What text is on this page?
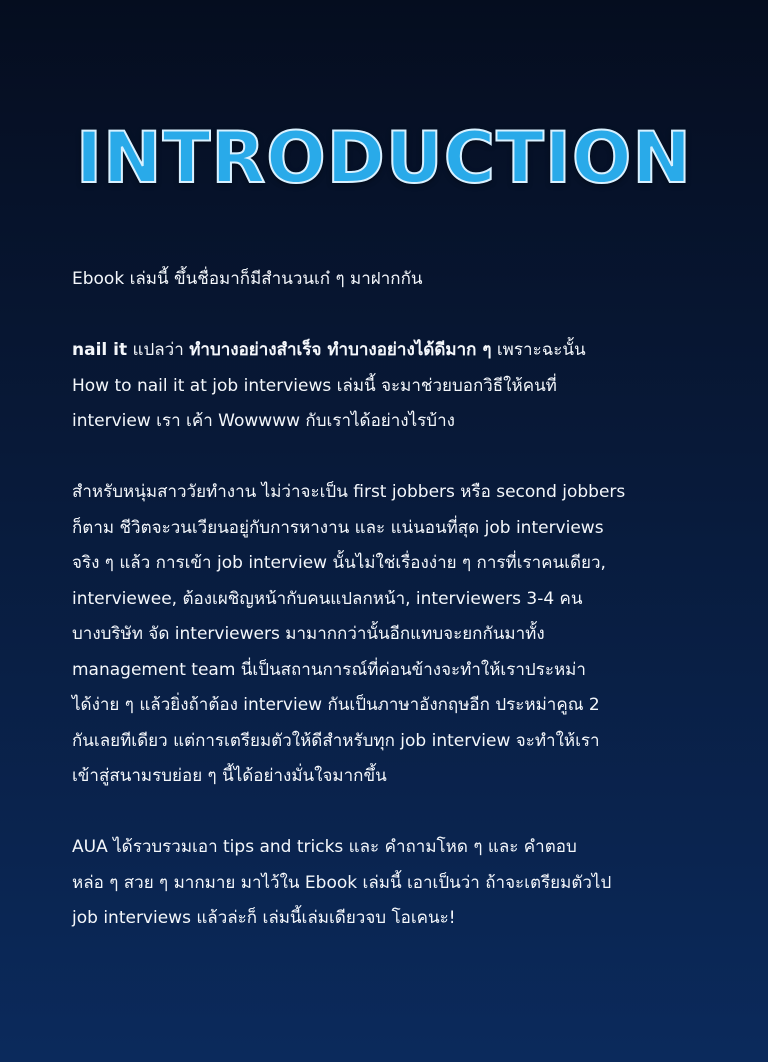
INTRODUCTION

Ebook เล่มนี้ ขึ้นชื่อมาก็มีสำนวนเก๋ ๆ มาฝากกัน

nail it แปลว่า ทำบางอย่างสำเร็จ ทำบางอย่างได้ดีมาก ๆ เพราะฉะนั้น
How to nail it at job interviews เล่มนี้ จะมาช่วยบอกวิธีให้คนที่
interview เรา เค้า Wowwww กับเราได้อย่างไรบ้าง

สำหรับหนุ่มสาววัยทำงาน ไม่ว่าจะเป็น first jobbers หรือ second jobbers
ก็ตาม ชีวิตจะวนเวียนอยู่กับการหางาน และ แน่นอนที่สุด job interviews
จริง ๆ แล้ว การเข้า job interview นั้นไม่ใช่เรื่องง่าย ๆ การที่เราคนเดียว,
interviewee, ต้องเผชิญหน้ากับคนแปลกหน้า, interviewers 3-4 คน
บางบริษัท จัด interviewers มามากกว่านั้นอีกแทบจะยกกันมาทั้ง
management team นี่เป็นสถานการณ์ที่ค่อนข้างจะทำให้เราประหม่า
ได้ง่าย ๆ แล้วยิ่งถ้าต้อง interview กันเป็นภาษาอังกฤษอีก ประหม่าคูณ 2
กันเลยทีเดียว แต่การเตรียมตัวให้ดีสำหรับทุก job interview จะทำให้เรา
เข้าสู่สนามรบย่อย ๆ นี้ได้อย่างมั่นใจมากขึ้น

AUA ได้รวบรวมเอา tips and tricks และ คำถามโหด ๆ และ คำตอบ
หล่อ ๆ สวย ๆ มากมาย มาไว้ใน Ebook เล่มนี้ เอาเป็นว่า ถ้าจะเตรียมตัวไป
job interviews แล้วล่ะก็ เล่มนี้เล่มเดียวจบ โอเคนะ!
